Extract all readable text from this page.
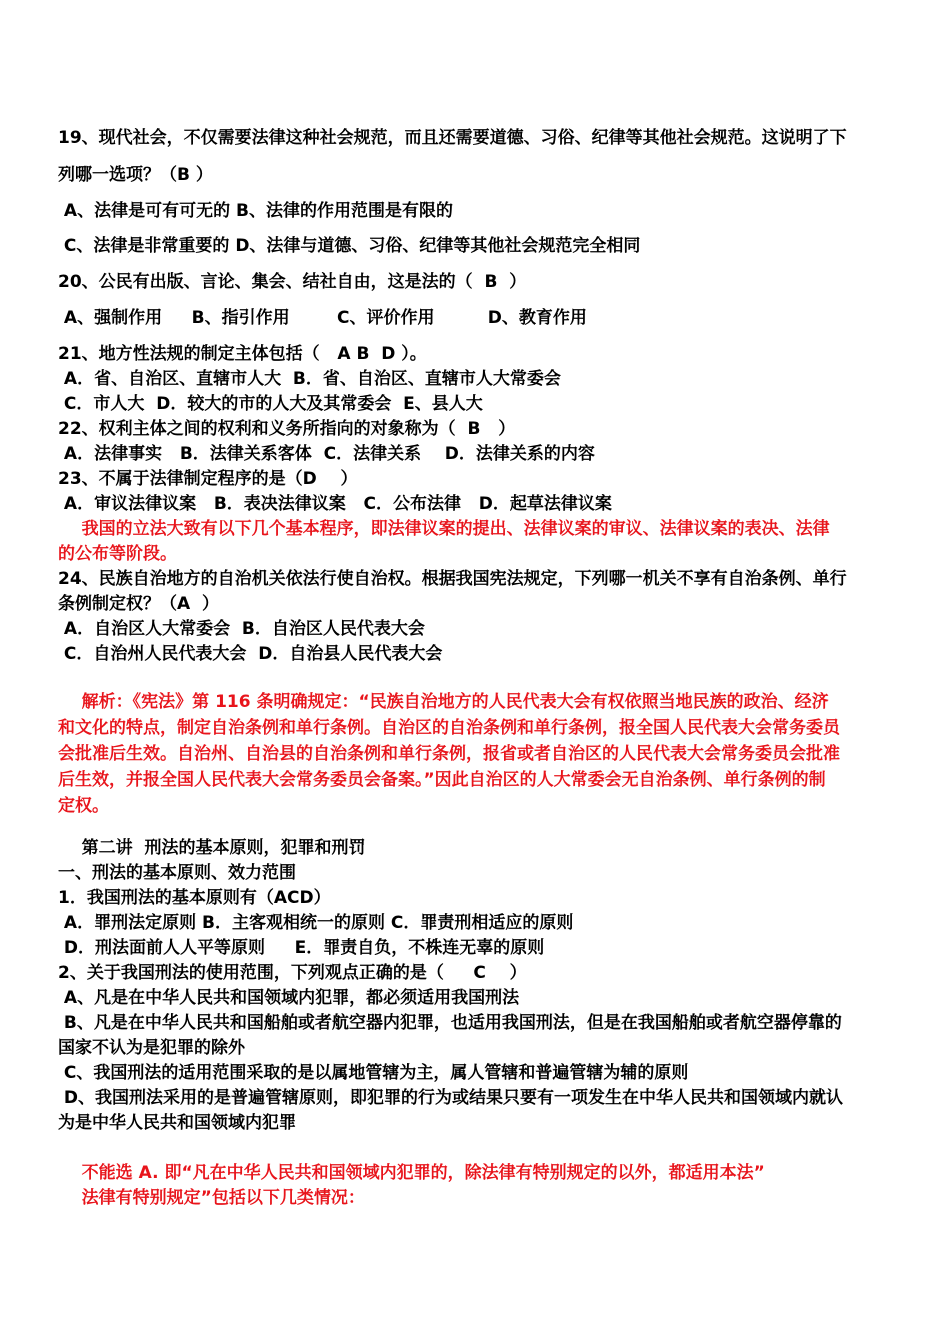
19、现代社会，不仅需要法律这种社会规范，而且还需要道德、习俗、纪律等其他社会规范。这说明了下
列哪一选项？（B ）
A、法律是可有可无的 B、法律的作用范围是有限的
C、法律是非常重要的 D、法律与道德、习俗、纪律等其他社会规范完全相同
20、公民有出版、言论、集会、结社自由，这是法的（  B  ）
A、强制作用     B、指引作用        C、评价作用         D、教育作用
21、地方性法规的制定主体包括（   A B  D ）。
A．省、自治区、直辖市人大  B．省、自治区、直辖市人大常委会
C．市人大  D．较大的市的人大及其常委会  E、县人大
22、权利主体之间的权利和义务所指向的对象称为（  B   ）
A．法律事实   B．法律关系客体  C．法律关系    D．法律关系的内容
23、不属于法律制定程序的是（D    ）
A．审议法律议案   B．表决法律议案   C．公布法律   D．起草法律议案
我国的立法大致有以下几个基本程序，即法律议案的提出、法律议案的审议、法律议案的表决、法律
的公布等阶段。
24、民族自治地方的自治机关依法行使自治权。根据我国宪法规定，下列哪一机关不享有自治条例、单行
条例制定权？（A  ）
A．自治区人大常委会  B．自治区人民代表大会
C．自治州人民代表大会  D．自治县人民代表大会
解析：《宪法》第 116 条明确规定：“民族自治地方的人民代表大会有权依照当地民族的政治、经济
和文化的特点，制定自治条例和单行条例。自治区的自治条例和单行条例，报全国人民代表大会常务委员
会批准后生效。自治州、自治县的自治条例和单行条例，报省或者自治区的人民代表大会常务委员会批准
后生效，并报全国人民代表大会常务委员会备案。”因此自治区的人大常委会无自治条例、单行条例的制
定权。
第二讲  刑法的基本原则，犯罪和刑罚
一、刑法的基本原则、效力范围
1．我国刑法的基本原则有（ACD）
A．罪刑法定原则 B．主客观相统一的原则 C．罪责刑相适应的原则
D．刑法面前人人平等原则     E．罪责自负，不株连无辜的原则
2、关于我国刑法的使用范围，下列观点正确的是（     C    ）
A、凡是在中华人民共和国领域内犯罪，都必须适用我国刑法
B、凡是在中华人民共和国船舶或者航空器内犯罪，也适用我国刑法，但是在我国船舶或者航空器停靠的
国家不认为是犯罪的除外
C、我国刑法的适用范围采取的是以属地管辖为主，属人管辖和普遍管辖为辅的原则
D、我国刑法采用的是普遍管辖原则，即犯罪的行为或结果只要有一项发生在中华人民共和国领域内就认
为是中华人民共和国领域内犯罪
不能选 A. 即“凡在中华人民共和国领域内犯罪的，除法律有特别规定的以外，都适用本法”
法律有特别规定”包括以下几类情况：
